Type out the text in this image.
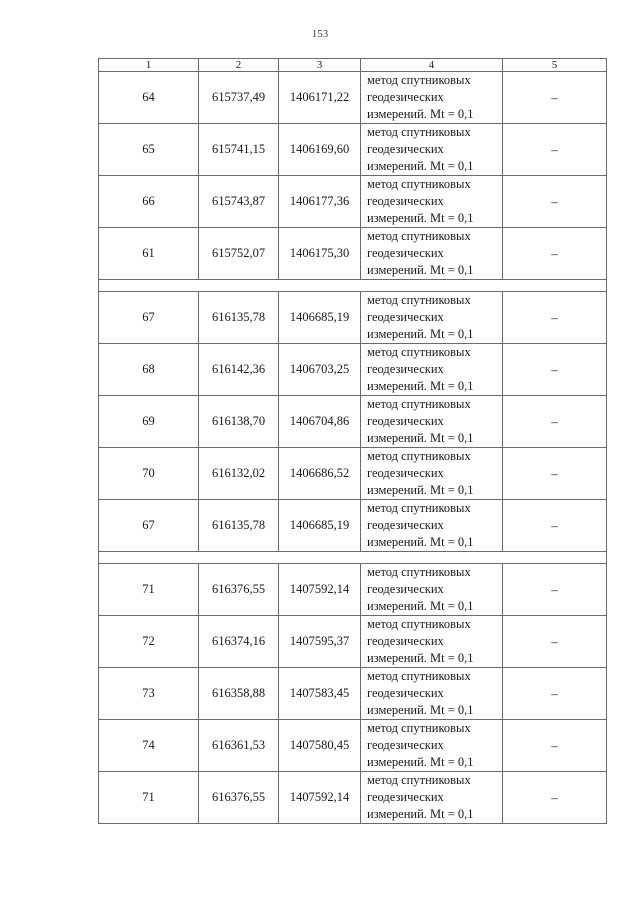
153
1	2	3	4	5
64	615737,49	1406171,22	метод спутниковых
геодезических
измерений. Mt = 0,1	–
65	615741,15	1406169,60	метод спутниковых
геодезических
измерений. Mt = 0,1	–
66	615743,87	1406177,36	метод спутниковых
геодезических
измерений. Mt = 0,1	–
61	615752,07	1406175,30	метод спутниковых
геодезических
измерений. Mt = 0,1	–

67	616135,78	1406685,19	метод спутниковых
геодезических
измерений. Mt = 0,1	–
68	616142,36	1406703,25	метод спутниковых
геодезических
измерений. Mt = 0,1	–
69	616138,70	1406704,86	метод спутниковых
геодезических
измерений. Mt = 0,1	–
70	616132,02	1406686,52	метод спутниковых
геодезических
измерений. Mt = 0,1	–
67	616135,78	1406685,19	метод спутниковых
геодезических
измерений. Mt = 0,1	–

71	616376,55	1407592,14	метод спутниковых
геодезических
измерений. Mt = 0,1	–
72	616374,16	1407595,37	метод спутниковых
геодезических
измерений. Mt = 0,1	–
73	616358,88	1407583,45	метод спутниковых
геодезических
измерений. Mt = 0,1	–
74	616361,53	1407580,45	метод спутниковых
геодезических
измерений. Mt = 0,1	–
71	616376,55	1407592,14	метод спутниковых
геодезических
измерений. Mt = 0,1	–
